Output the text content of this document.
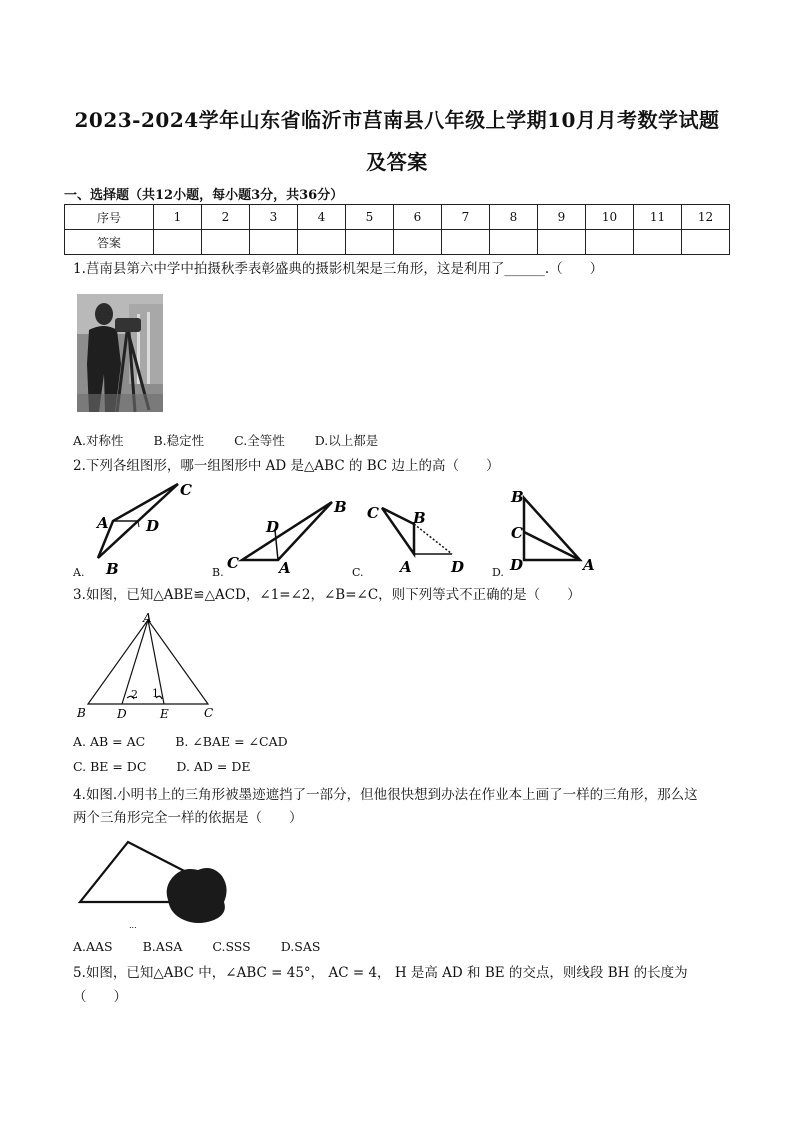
2023-2024学年山东省临沂市莒南县八年级上学期10月月考数学试题
及答案
一、选择题（共12小题，每小题3分，共36分）
序号	1	2	3	4	5	6	7	8	9	10	11	12
答案												
1.莒南县第六中学中拍摄秋季表彰盛典的摄影机架是三角形，这是利用了______.（　　）
A.对称性 B.稳定性 C.全等性 D.以上都是
2.下列各组图形，哪一组图形中 AD 是△ABC 的 BC 边上的高（　　）
C
A D
B
B
D
C	A
C B
A	D
B
C
D	A
A.	B.	C.	D.
3.如图，已知△ABE≌△ACD，∠1=∠2，∠B=∠C，则下列等式不正确的是（　　）
A
B	D	E	C
2 1
A. AB = AC B. ∠BAE = ∠CAD
C. BE = DC D. AD = DE
4.如图.小明书上的三角形被墨迹遮挡了一部分，但他很快想到办法在作业本上画了一样的三角形，那么这
两个三角形完全一样的依据是（　　）
...
A.AAS B.ASA C.SSS D.SAS
5.如图，已知△ABC 中，∠ABC = 45°， AC = 4， H 是高 AD 和 BE 的交点，则线段 BH 的长度为
（　　）
